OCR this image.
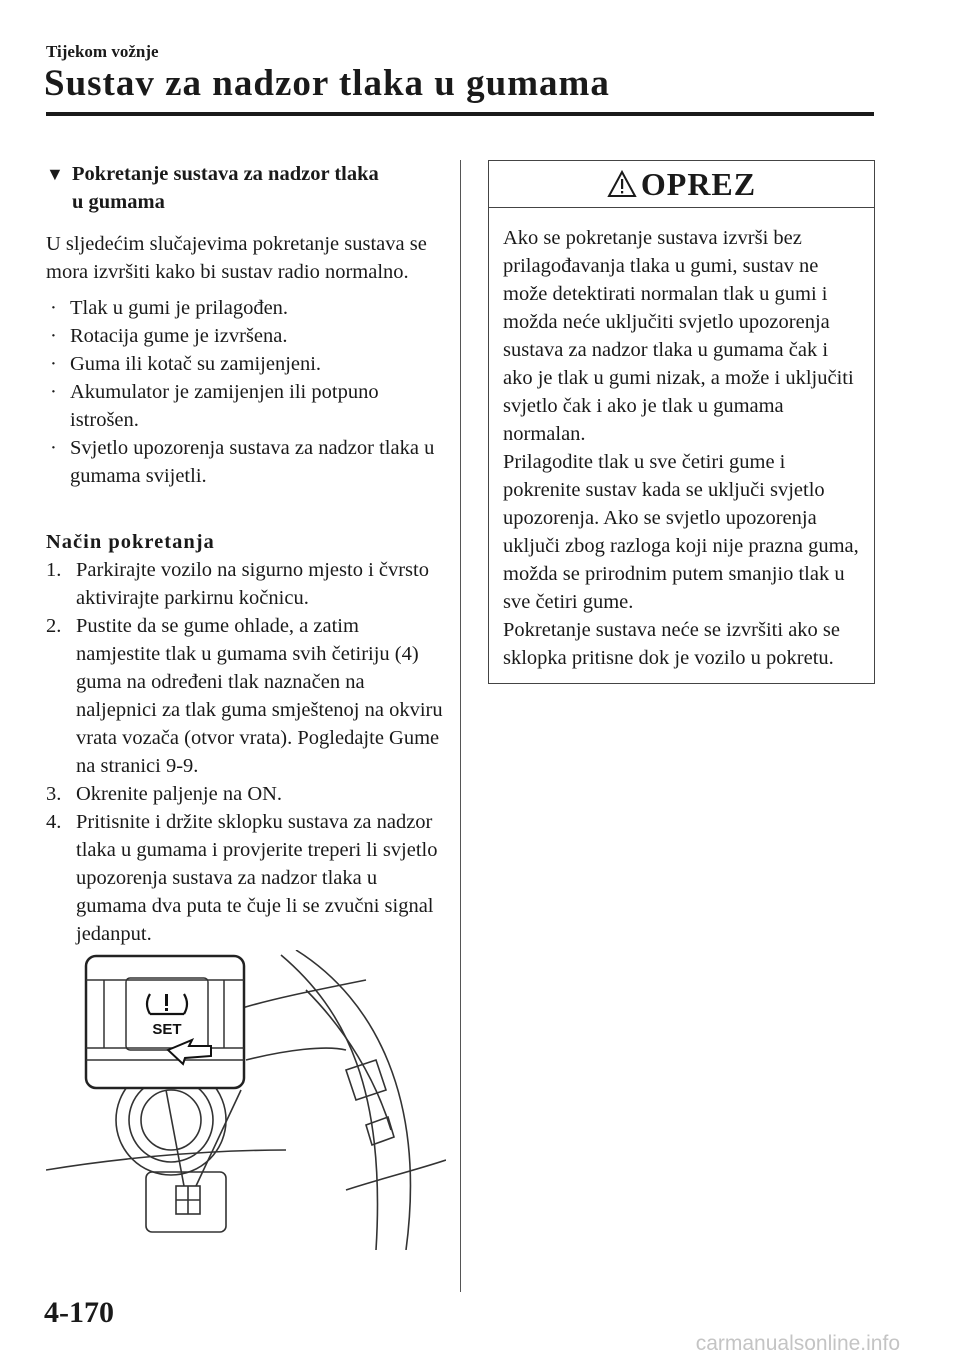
Tijekom vožnje
Sustav za nadzor tlaka u gumama
▼ Pokretanje sustava za nadzor tlaka
u gumama
U sljedećim slučajevima pokretanje sustava se mora izvršiti kako bi sustav radio normalno.
· Tlak u gumi je prilagođen.
· Rotacija gume je izvršena.
· Guma ili kotač su zamijenjeni.
· Akumulator je zamijenjen ili potpuno istrošen.
· Svjetlo upozorenja sustava za nadzor tlaka u gumama svijetli.
Način pokretanja
1. Parkirajte vozilo na sigurno mjesto i čvrsto aktivirajte parkirnu kočnicu.
2. Pustite da se gume ohlade, a zatim namjestite tlak u gumama svih četiriju (4) guma na određeni tlak naznačen na naljepnici za tlak guma smještenoj na okviru vrata vozača (otvor vrata). Pogledajte Gume na stranici 9-9.
3. Okrenite paljenje na ON.
4. Pritisnite i držite sklopku sustava za nadzor tlaka u gumama i provjerite treperi li svjetlo upozorenja sustava za nadzor tlaka u gumama dva puta te čuje li se zvučni signal jedanput.
OPREZ
Ako se pokretanje sustava izvrši bez prilagođavanja tlaka u gumi, sustav ne može detektirati normalan tlak u gumi i možda neće uključiti svjetlo upozorenja sustava za nadzor tlaka u gumama čak i ako je tlak u gumi nizak, a može i uključiti svjetlo čak i ako je tlak u gumama normalan.
Prilagodite tlak u sve četiri gume i pokrenite sustav kada se uključi svjetlo upozorenja. Ako se svjetlo upozorenja uključi zbog razloga koji nije prazna guma, možda se prirodnim putem smanjio tlak u sve četiri gume.
Pokretanje sustava neće se izvršiti ako se sklopka pritisne dok je vozilo u pokretu.
SET
4-170
carmanualsonline.info
